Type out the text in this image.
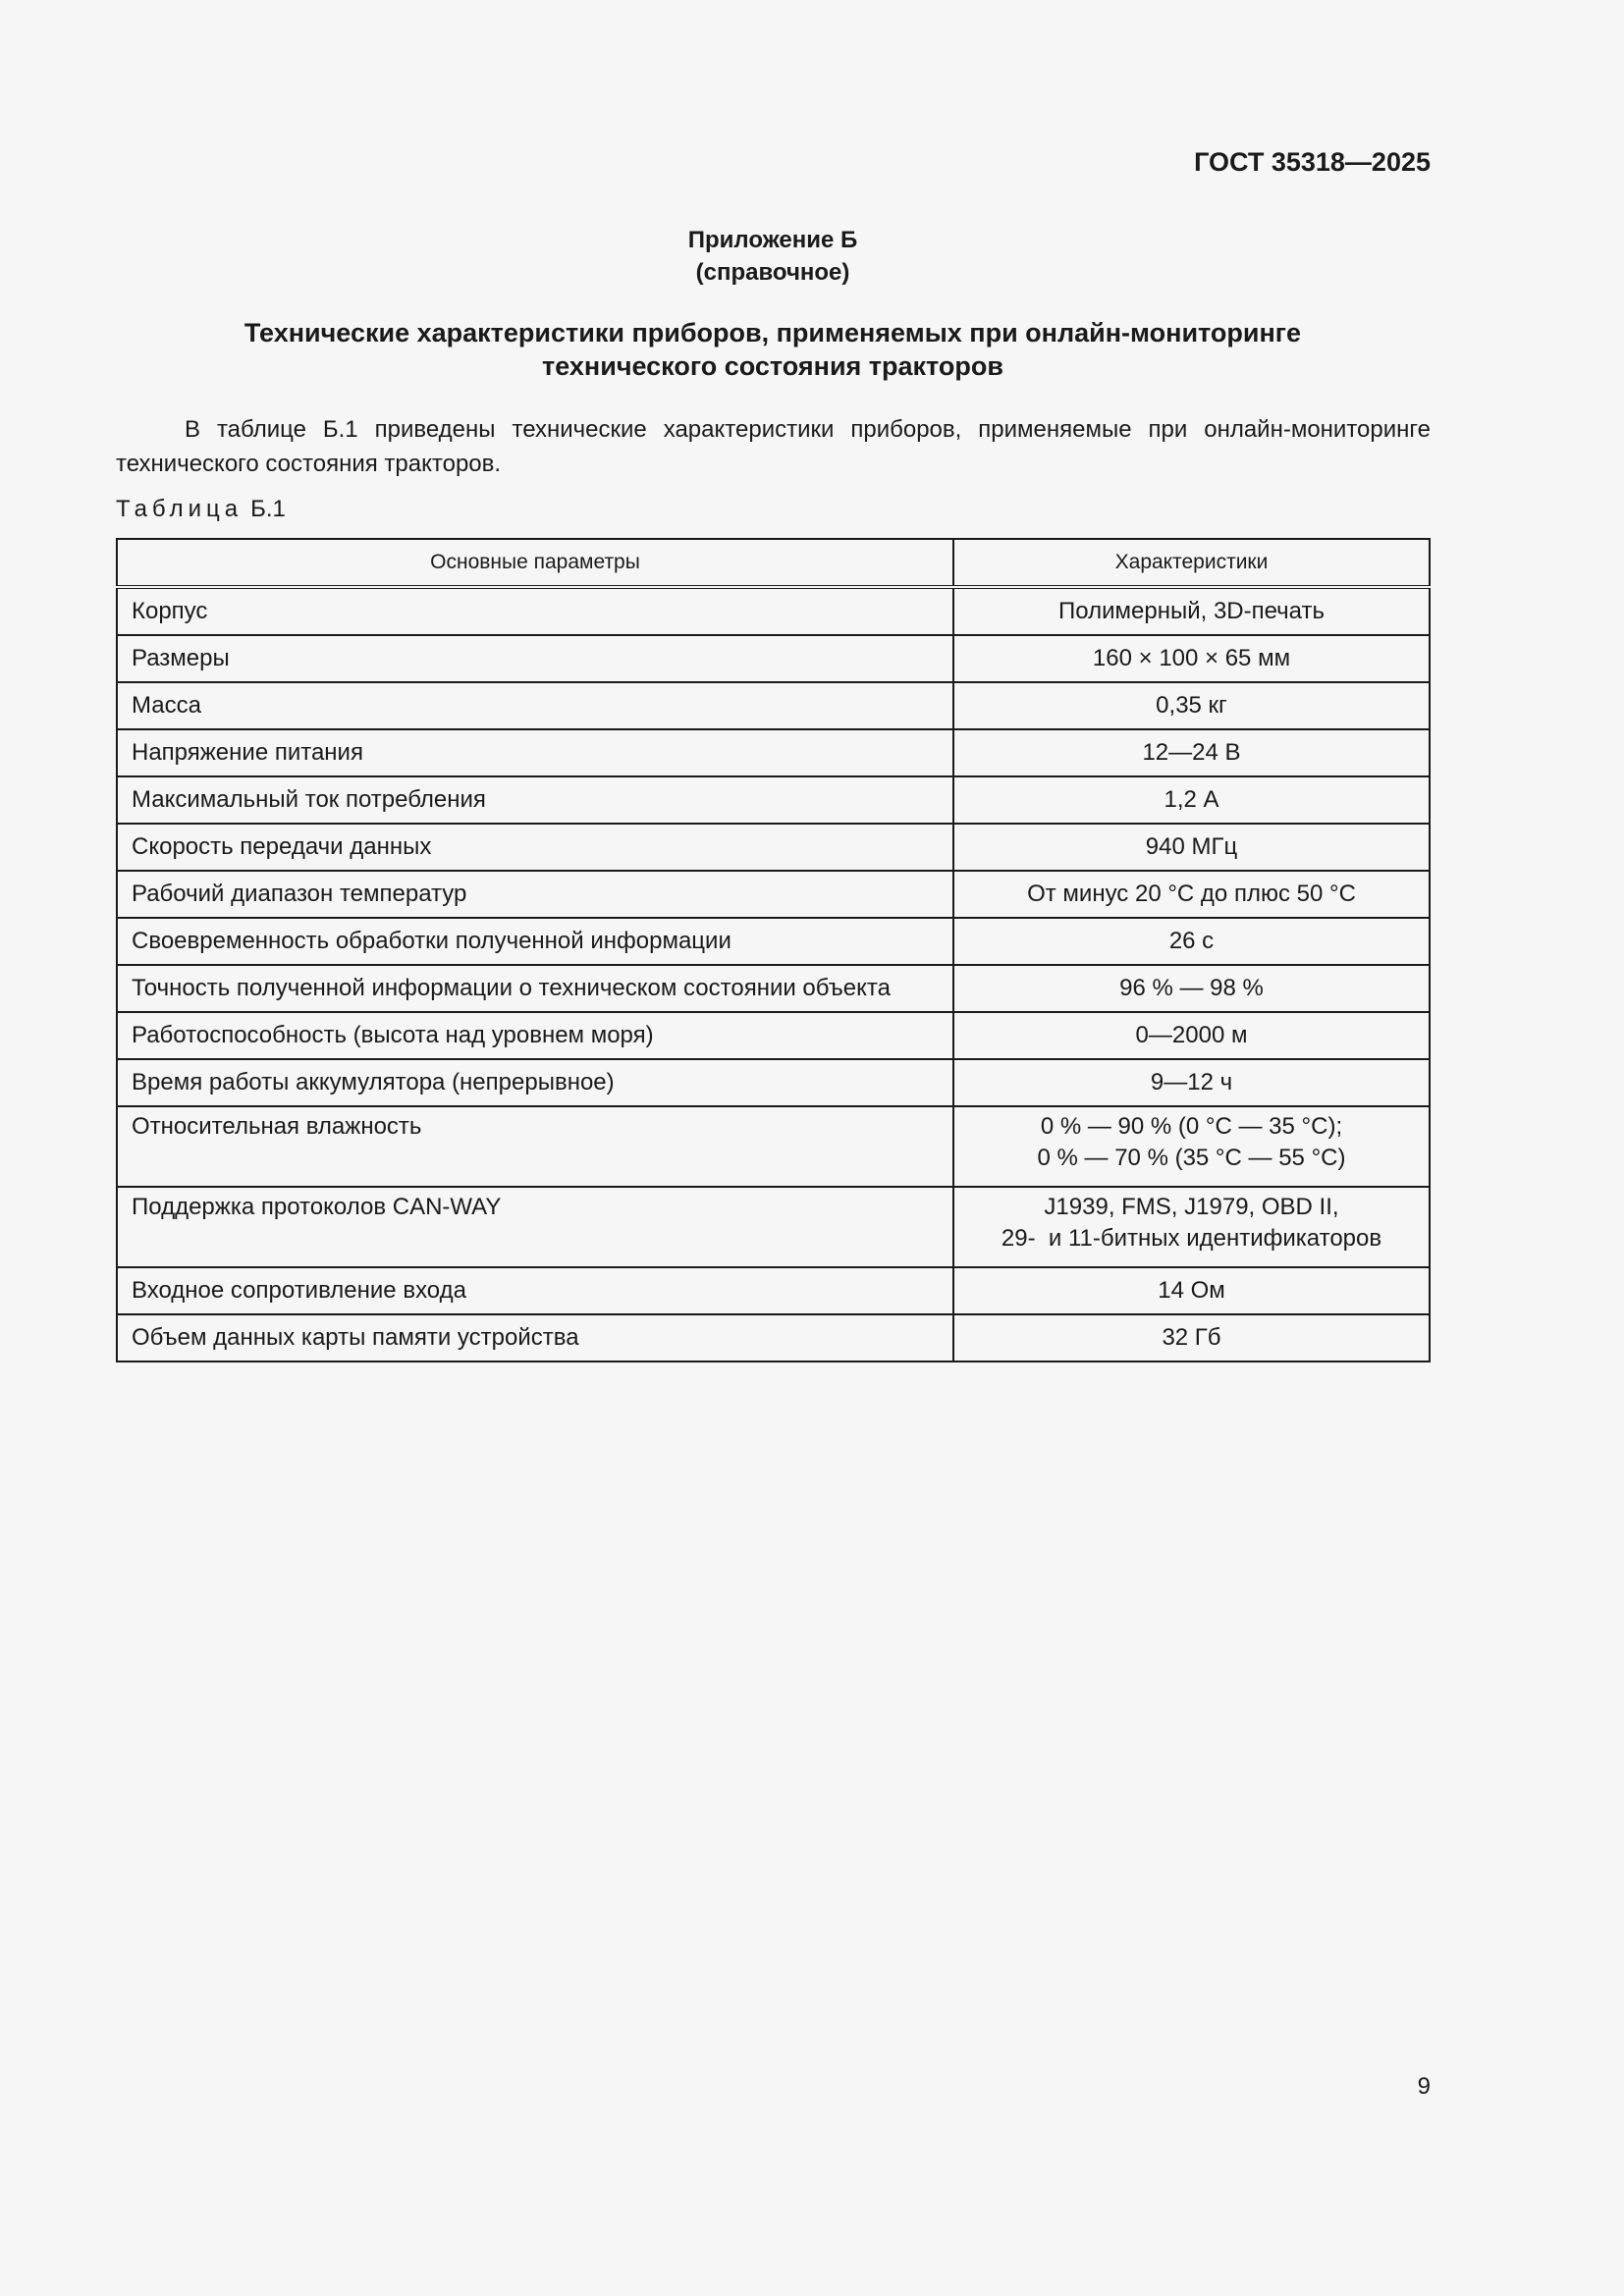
ГОСТ 35318—2025
Приложение Б
(справочное)
Технические характеристики приборов, применяемых при онлайн-мониторинге
технического состояния тракторов
В таблице Б.1 приведены технические характеристики приборов, применяемые при онлайн-мониторинге технического состояния тракторов.
Таблица Б.1
Основные параметры	Характеристики
Корпус	Полимерный, 3D-печать
Размеры	160 × 100 × 65 мм
Масса	0,35 кг
Напряжение питания	12—24 В
Максимальный ток потребления	1,2 А
Скорость передачи данных	940 МГц
Рабочий диапазон температур	От минус 20 °С до плюс 50 °С
Своевременность обработки полученной информации	26 с
Точность полученной информации о техническом состоянии объекта	96 % — 98 %
Работоспособность (высота над уровнем моря)	0—2000 м
Время работы аккумулятора (непрерывное)	9—12 ч
Относительная влажность	0 % — 90 % (0 °С — 35 °С);
0 % — 70 % (35 °С — 55 °С)

Поддержка протоколов CAN-WAY	J1939, FMS, J1979, OBD II,
29-  и 11-битных идентификаторов

Входное сопротивление входа	14 Ом
Объем данных карты памяти устройства	32 Гб
9
